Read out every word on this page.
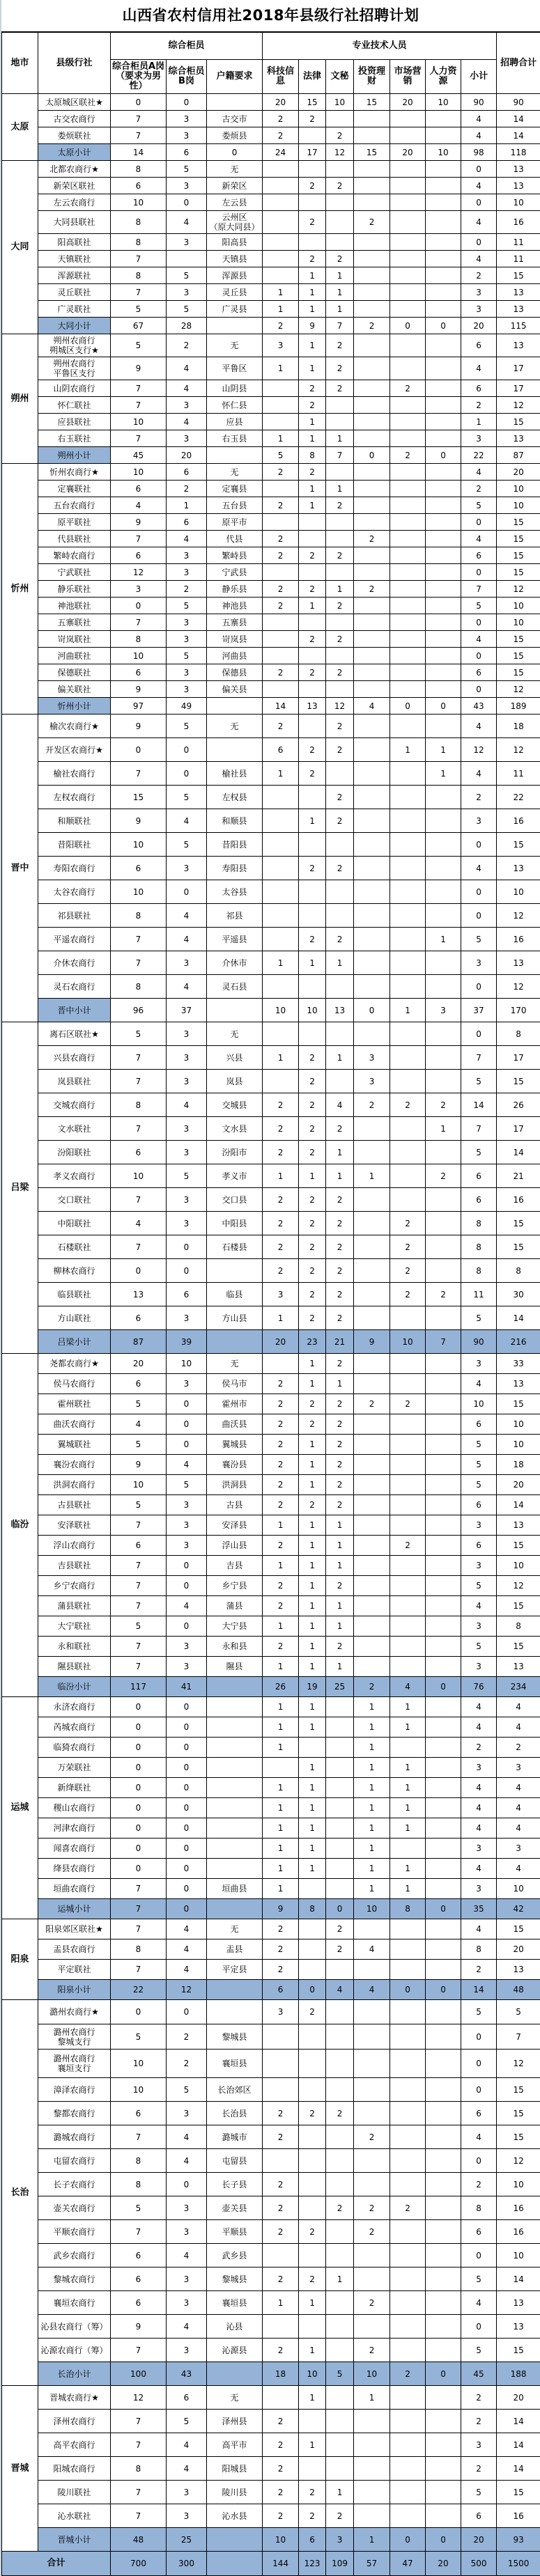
山西省农村信用社2018年县级行社招聘计划
地市	县级行社	综合柜员			专业技术人员							招聘合计
		综合柜员A岗（要求为男性）	综合柜员B岗	户籍要求	科技信息	法律	文秘	投资理财	市场营销	人力资源	小计	
太原	太原城区联社★	0	0		20	15	10	15	20	10	90	90
	古交农商行	7	3	古交市	2	2					4	14
	娄烦联社	7	3	娄烦县	2		2				4	14
	太原小计	14	6	0	24	17	12	15	20	10	98	118
大同	北都农商行★	8	5	无							0	13
	新荣区联社	6	3	新荣区		2	2				4	13
	左云农商行	10	0	左云县							0	10
	大同县联社	8	4	云州区
（原大同县）		2		2			4	16
	阳高联社	8	3	阳高县							0	11
	天镇联社	7		天镇县		2	2				4	11
	浑源联社	8	5	浑源县		1	1				2	15
	灵丘联社	7	3	灵丘县	1	1	1				3	13
	广灵联社	5	5	广灵县	1	1	1				3	13
	大同小计	67	28		2	9	7	2	0	0	20	115
朔州	朔州农商行
朔城区支行★	5	2	无	3	1	2				6	13
	朔州农商行
平鲁区支行	9	4	平鲁区	1	1	2				4	17
	山阴农商行	7	4	山阴县		2	2		2		6	17
	怀仁联社	7	3	怀仁县		2					2	12
	应县联社	10	4	应县		1					1	15
	右玉联社	7	3	右玉县	1	1	1				3	13
	朔州小计	45	20		5	8	7	0	2	0	22	87
忻州	忻州农商行★	10	6	无	2	2					4	20
	定襄联社	6	2	定襄县		1	1				2	10
	五台农商行	4	1	五台县	2	1	2				5	10
	原平联社	9	6	原平市							0	15
	代县联社	7	4	代县	2			2			4	15
	繁峙农商行	6	3	繁峙县	2	2	2				6	15
	宁武联社	12	3	宁武县							0	15
	静乐联社	3	2	静乐县	2	2	1	2			7	12
	神池联社	0	5	神池县	2	1	2				5	10
	五寨联社	7	3	五寨县							0	10
	岢岚联社	8	3	岢岚县		2	2				4	15
	河曲联社	10	5	河曲县							0	15
	保德联社	6	3	保德县	2	2	2				6	15
	偏关联社	9	3	偏关县							0	12
	忻州小计	97	49		14	13	12	4	0	0	43	189
晋中	榆次农商行★	9	5	无	2		2				4	18
	开发区农商行★	0	0		6	2	2		1	1	12	12
	榆社农商行	7	0	榆社县	1	2				1	4	11
	左权农商行	15	5	左权县			2				2	22
	和顺联社	9	4	和顺县		1	2				3	16
	昔阳联社	10	5	昔阳县							0	15
	寿阳农商行	6	3	寿阳县		2	2				4	13
	太谷农商行	10	0	太谷县							0	10
	祁县联社	8	4	祁县							0	12
	平遥农商行	7	4	平遥县		2	2			1	5	16
	介休农商行	7	3	介休市	1	1	1				3	13
	灵石农商行	8	4	灵石县							0	12
	晋中小计	96	37		10	10	13	0	1	3	37	170
吕梁	离石区联社★	5	3	无							0	8
	兴县农商行	7	3	兴县	1	2	1	3			7	17
	岚县联社	7	3	岚县		2		3			5	15
	交城农商行	8	4	交城县	2	2	4	2	2	2	14	26
	文水联社	7	3	文水县	2	2	2			1	7	17
	汾阳联社	6	3	汾阳市	2	2	1				5	14
	孝义农商行	10	5	孝义市	1	1	1	1		2	6	21
	交口联社	7	3	交口县	2	2	2				6	16
	中阳联社	4	3	中阳县	2	2	2		2		8	15
	石楼联社	7	0	石楼县	2	2	2		2		8	15
	柳林农商行	0	0		2	2	2		2		8	8
	临县联社	13	6	临县	3	2	2		2	2	11	30
	方山联社	6	3	方山县	1	2	2				5	14
	吕梁小计	87	39		20	23	21	9	10	7	90	216
临汾	尧都农商行★	20	10	无		1	2				3	33
	侯马农商行	6	3	侯马市	2	1	1				4	13
	霍州联社	5	0	霍州市	2	2	2	2	2		10	15
	曲沃农商行	4	0	曲沃县	2	2	2				6	10
	翼城联社	5	0	翼城县	2	1	2				5	10
	襄汾农商行	9	4	襄汾县	2	1	2				5	18
	洪洞农商行	10	5	洪洞县	2	1	2				5	20
	古县联社	5	3	古县	2	2	2				6	14
	安泽联社	7	3	安泽县	1	1	1				3	13
	浮山农商行	6	3	浮山县	2	1	1		2		6	15
	吉县联社	7	0	吉县	1	1	1				3	10
	乡宁农商行	7	0	乡宁县	2	1	2				5	12
	蒲县联社	7	4	蒲县	2	1	1				4	15
	大宁联社	5	0	大宁县	1	1	1				3	8
	永和联社	7	3	永和县	2	1	2				5	15
	隰县联社	7	3	隰县	1	1	1				3	13
	临汾小计	117	41		26	19	25	2	4	0	76	234
运城	永济农商行	0	0		1	1		1	1		4	4
	芮城农商行	0	0		1	1		1	1		4	4
	临猗农商行	0	0		1			1			2	2
	万荣联社	0	0			1		1	1		3	3
	新绛联社	0	0		1	1		1	1		4	4
	稷山农商行	0	0		1	1		1	1		4	4
	河津农商行	0	0		1	1		1	1		4	4
	闻喜农商行	0	0		1	1		1			3	3
	绛县农商行	0	0		1	1		1	1		4	4
	垣曲农商行	7	0	垣曲县	1			1	1		3	10
	运城小计	7	0		9	8	0	10	8	0	35	42
阳泉	阳泉郊区联社★	7	4	无	2		2				4	15
	盂县农商行	8	4	盂县	2		2	4			8	20
	平定联社	7	4	平定县	2						2	13
	阳泉小计	22	12		6	0	4	4	0	0	14	48
长治	潞州农商行★	0	0		3	2					5	5
	潞州农商行
黎城支行	5	2	黎城县							0	7
	潞州农商行
襄垣支行	10	2	襄垣县							0	12
	漳泽农商行	10	5	长治郊区							0	15
	黎都农商行	6	3	长治县	2	2	2				6	15
	潞城农商行	7	4	潞城市	2			2			4	15
	屯留农商行	8	4	屯留县							0	12
	长子农商行	8	0	长子县	2						2	10
	壶关农商行	5	3	壶关县	2		2	2	2		8	16
	平顺农商行	7	3	平顺县	2	2		2			6	16
	武乡农商行	6	4	武乡县							0	10
	黎城农商行	6	3	黎城县	2	2	1				5	14
	襄垣农商行	6	3	襄垣县	1	1		2			4	13
	沁县农商行（筹）	9	4	沁县							0	13
	沁源农商行（筹）	7	3	沁源县	2	1		2			5	15
	长治小计	100	43		18	10	5	10	2	0	45	188
晋城	晋城农商行★	12	6	无		1		1			2	20
	泽州农商行	7	5	泽州县	2						2	14
	高平农商行	7	4	高平市	2	1					3	14
	阳城农商行	8	4	阳城县	2						2	14
	陵川联社	7	3	陵川县	2	2	1				5	15
	沁水联社	7	3	沁水县	2	2	2				6	16
	晋城小计	48	25		10	6	3	1	0	0	20	93
合计		700	300		144	123	109	57	47	20	500	1500
